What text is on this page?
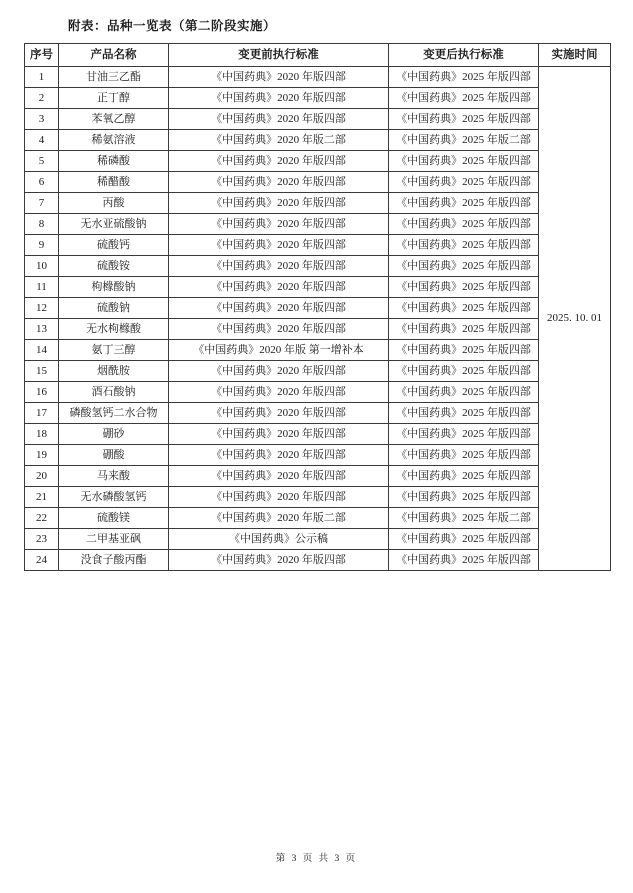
附表：品种一览表（第二阶段实施）
序号	产品名称	变更前执行标准	变更后执行标准	实施时间
1	甘油三乙酯	《中国药典》2020 年版四部	《中国药典》2025 年版四部	2025. 10. 01
2	正丁醇	《中国药典》2020 年版四部	《中国药典》2025 年版四部	
3	苯氧乙醇	《中国药典》2020 年版四部	《中国药典》2025 年版四部	
4	稀氨溶液	《中国药典》2020 年版二部	《中国药典》2025 年版二部	
5	稀磷酸	《中国药典》2020 年版四部	《中国药典》2025 年版四部	
6	稀醋酸	《中国药典》2020 年版四部	《中国药典》2025 年版四部	
7	丙酸	《中国药典》2020 年版四部	《中国药典》2025 年版四部	
8	无水亚硫酸钠	《中国药典》2020 年版四部	《中国药典》2025 年版四部	
9	硫酸钙	《中国药典》2020 年版四部	《中国药典》2025 年版四部	
10	硫酸铵	《中国药典》2020 年版四部	《中国药典》2025 年版四部	
11	枸橼酸钠	《中国药典》2020 年版四部	《中国药典》2025 年版四部	
12	硫酸钠	《中国药典》2020 年版四部	《中国药典》2025 年版四部	
13	无水枸橼酸	《中国药典》2020 年版四部	《中国药典》2025 年版四部	
14	氨丁三醇	《中国药典》2020 年版 第一增补本	《中国药典》2025 年版四部	
15	烟酰胺	《中国药典》2020 年版四部	《中国药典》2025 年版四部	
16	酒石酸钠	《中国药典》2020 年版四部	《中国药典》2025 年版四部	
17	磷酸氢钙二水合物	《中国药典》2020 年版四部	《中国药典》2025 年版四部	
18	硼砂	《中国药典》2020 年版四部	《中国药典》2025 年版四部	
19	硼酸	《中国药典》2020 年版四部	《中国药典》2025 年版四部	
20	马来酸	《中国药典》2020 年版四部	《中国药典》2025 年版四部	
21	无水磷酸氢钙	《中国药典》2020 年版四部	《中国药典》2025 年版四部	
22	硫酸镁	《中国药典》2020 年版二部	《中国药典》2025 年版二部	
23	二甲基亚砜	《中国药典》公示稿	《中国药典》2025 年版四部	
24	没食子酸丙酯	《中国药典》2020 年版四部	《中国药典》2025 年版四部	
第 3 页 共 3 页
